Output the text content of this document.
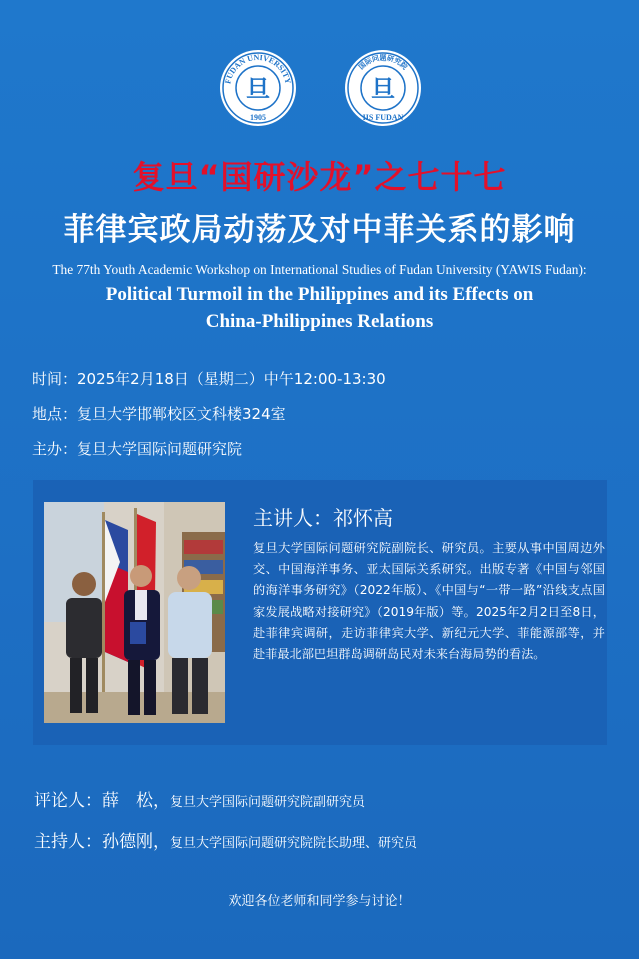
FUDAN UNIVERSITY
1905
旦
国际问题研究院
IIS FUDAN
旦
复旦“国研沙龙”之七十七
菲律宾政局动荡及对中菲关系的影响
The 77th Youth Academic Workshop on International Studies of Fudan University (YAWIS Fudan):
Political Turmoil in the Philippines and its Effects on
China-Philippines Relations
时间：2025年2月18日（星期二）中午12:00-13:30
地点：复旦大学邯郸校区文科楼324室
主办：复旦大学国际问题研究院
主讲人：祁怀高
复旦大学国际问题研究院副院长、研究员。主要从事中国周边外交、中国海洋事务、亚太国际关系研究。出版专著《中国与邻国的海洋事务研究》（2022年版）、《中国与“一带一路”沿线支点国家发展战略对接研究》（2019年版）等。2025年2月2日至8日，赴菲律宾调研，走访菲律宾大学、新纪元大学、菲能源部等，并赴菲最北部巴坦群岛调研岛民对未来台海局势的看法。
评论人：薛　松，复旦大学国际问题研究院副研究员
主持人：孙德刚，复旦大学国际问题研究院院长助理、研究员
欢迎各位老师和同学参与讨论！
